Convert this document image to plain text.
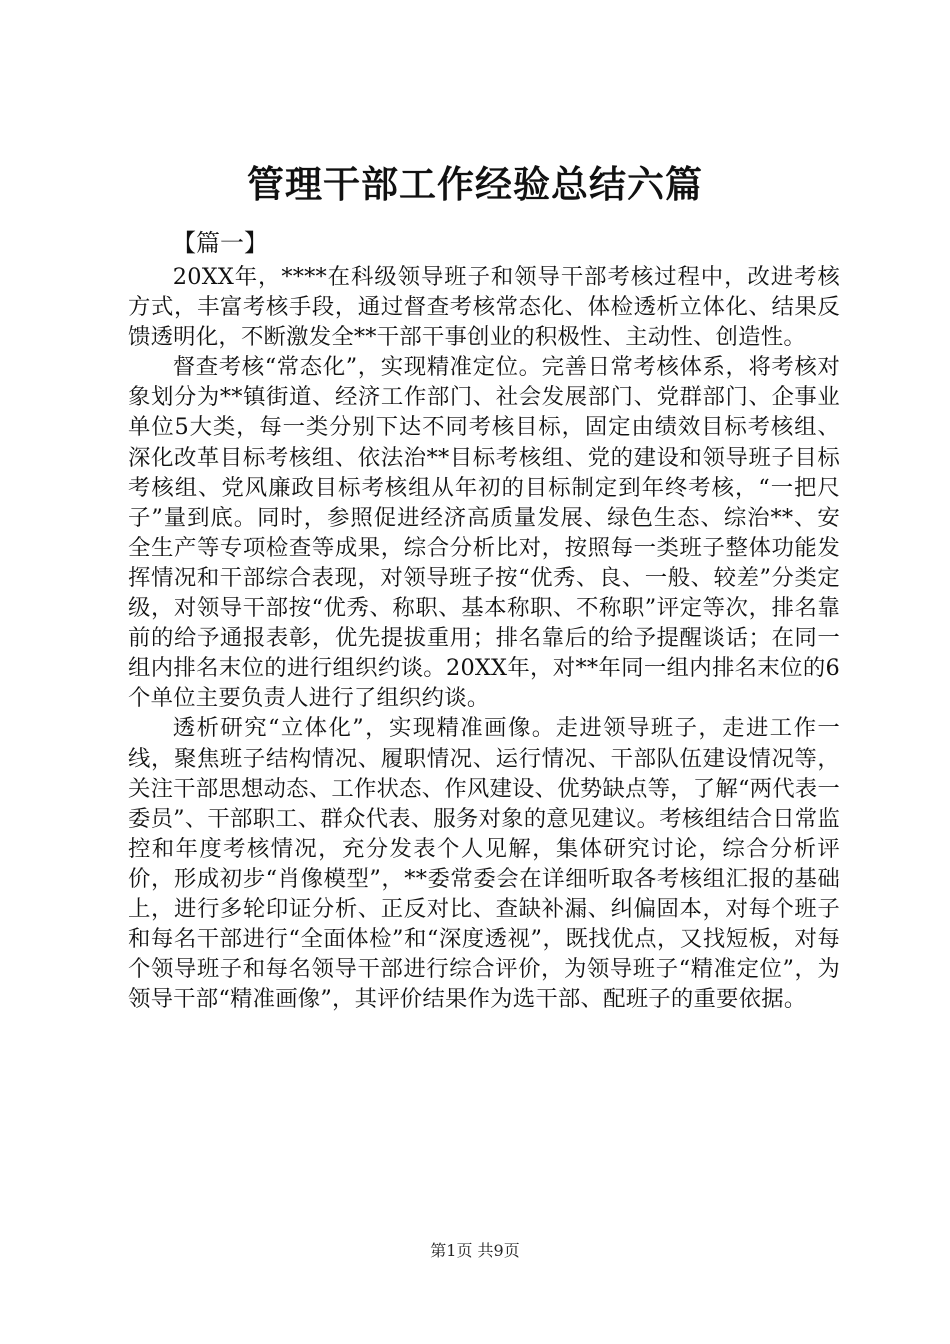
管理干部工作经验总结六篇
【篇一】

20XX年，****在科级领导班子和领导干部考核过程中，改进考核方式，丰富考核手段，通过督查考核常态化、体检透析立体化、结果反馈透明化，不断激发全**干部干事创业的积极性、主动性、创造性。

督查考核“常态化”，实现精准定位。完善日常考核体系，将考核对象划分为**镇街道、经济工作部门、社会发展部门、党群部门、企事业单位5大类，每一类分别下达不同考核目标，固定由绩效目标考核组、深化改革目标考核组、依法治**目标考核组、党的建设和领导班子目标考核组、党风廉政目标考核组从年初的目标制定到年终考核，“一把尺子”量到底。同时，参照促进经济高质量发展、绿色生态、综治**、安全生产等专项检查等成果，综合分析比对，按照每一类班子整体功能发挥情况和干部综合表现，对领导班子按“优秀、良、一般、较差”分类定级，对领导干部按“优秀、称职、基本称职、不称职”评定等次，排名靠前的给予通报表彰，优先提拔重用；排名靠后的给予提醒谈话；在同一组内排名末位的进行组织约谈。20XX年，对**年同一组内排名末位的6个单位主要负责人进行了组织约谈。

透析研究“立体化”，实现精准画像。走进领导班子，走进工作一线，聚焦班子结构情况、履职情况、运行情况、干部队伍建设情况等，关注干部思想动态、工作状态、作风建设、优势缺点等，了解“两代表一委员”、干部职工、群众代表、服务对象的意见建议。考核组结合日常监控和年度考核情况，充分发表个人见解，集体研究讨论，综合分析评价，形成初步“肖像模型”，**委常委会在详细听取各考核组汇报的基础上，进行多轮印证分析、正反对比、查缺补漏、纠偏固本，对每个班子和每名干部进行“全面体检”和“深度透视”，既找优点，又找短板，对每个领导班子和每名领导干部进行综合评价，为领导班子“精准定位”，为领导干部“精准画像”，其评价结果作为选干部、配班子的重要依据。

第1页 共9页
